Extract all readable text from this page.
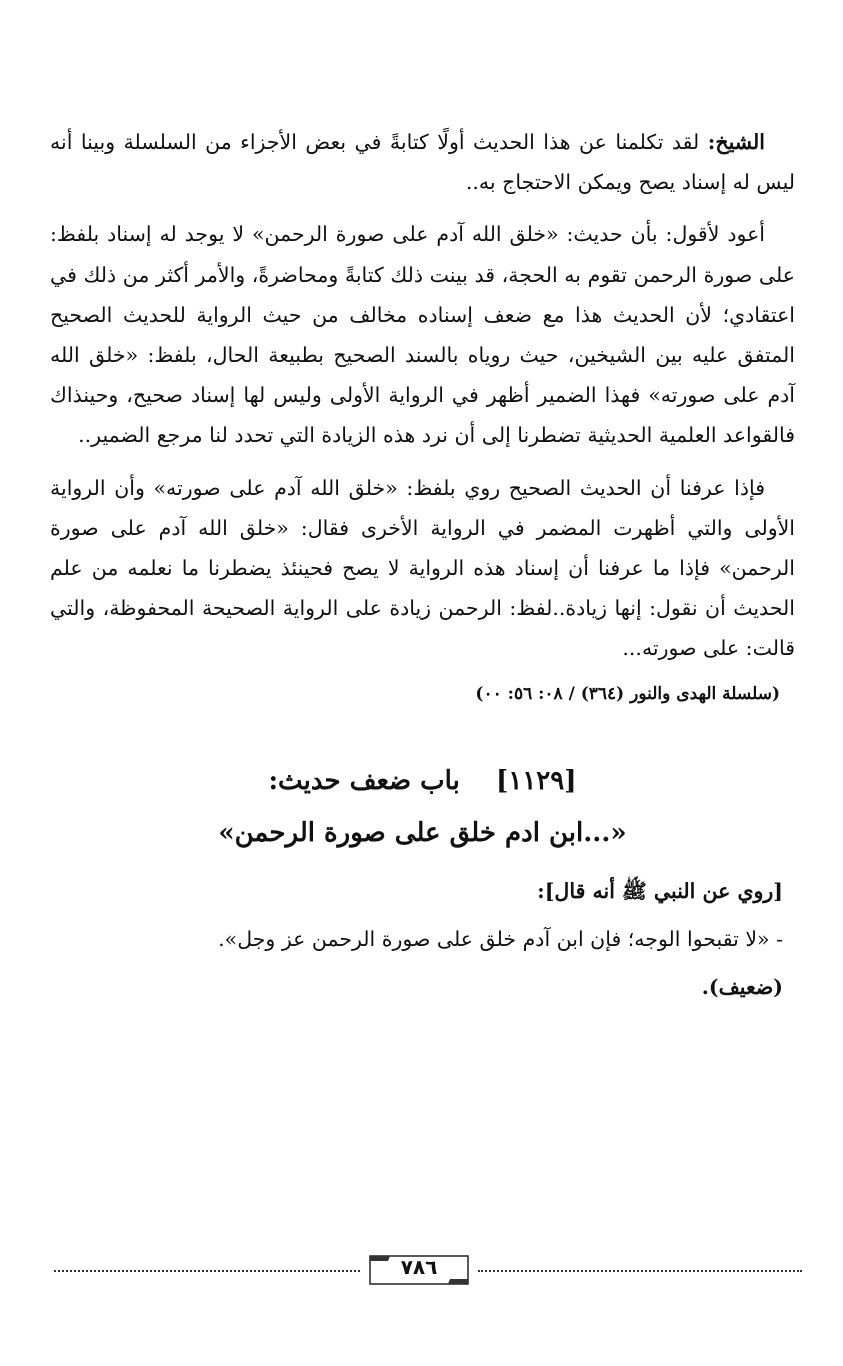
الشيخ: لقد تكلمنا عن هذا الحديث أولًا كتابةً في بعض الأجزاء من السلسلة وبينا أنه ليس له إسناد يصح ويمكن الاحتجاج به..

أعود لأقول: بأن حديث: «خلق الله آدم على صورة الرحمن» لا يوجد له إسناد بلفظ: على صورة الرحمن تقوم به الحجة، قد بينت ذلك كتابةً ومحاضرةً، والأمر أكثر من ذلك في اعتقادي؛ لأن الحديث هذا مع ضعف إسناده مخالف من حيث الرواية للحديث الصحيح المتفق عليه بين الشيخين، حيث روياه بالسند الصحيح بطبيعة الحال، بلفظ: «خلق الله آدم على صورته» فهذا الضمير أظهر في الرواية الأولى وليس لها إسناد صحيح، وحينذاك فالقواعد العلمية الحديثية تضطرنا إلى أن نرد هذه الزيادة التي تحدد لنا مرجع الضمير..

فإذا عرفنا أن الحديث الصحيح روي بلفظ: «خلق الله آدم على صورته» وأن الرواية الأولى والتي أظهرت المضمر في الرواية الأخرى فقال: «خلق الله آدم على صورة الرحمن» فإذا ما عرفنا أن إسناد هذه الرواية لا يصح فحينئذ يضطرنا ما نعلمه من علم الحديث أن نقول: إنها زيادة..لفظ: الرحمن زيادة على الرواية الصحيحة المحفوظة، والتي قالت: على صورته...

(سلسلة الهدى والنور (٣٦٤) / ٠٨: ٥٦: ٠٠)
[١١٢٩]    باب ضعف حديث:
«...ابن ادم خلق على صورة الرحمن»
[روي عن النبي ﷺ أنه قال]:
- «لا تقبحوا الوجه؛ فإن ابن آدم خلق على صورة الرحمن عز وجل».
(ضعيف).
٧٨٦
